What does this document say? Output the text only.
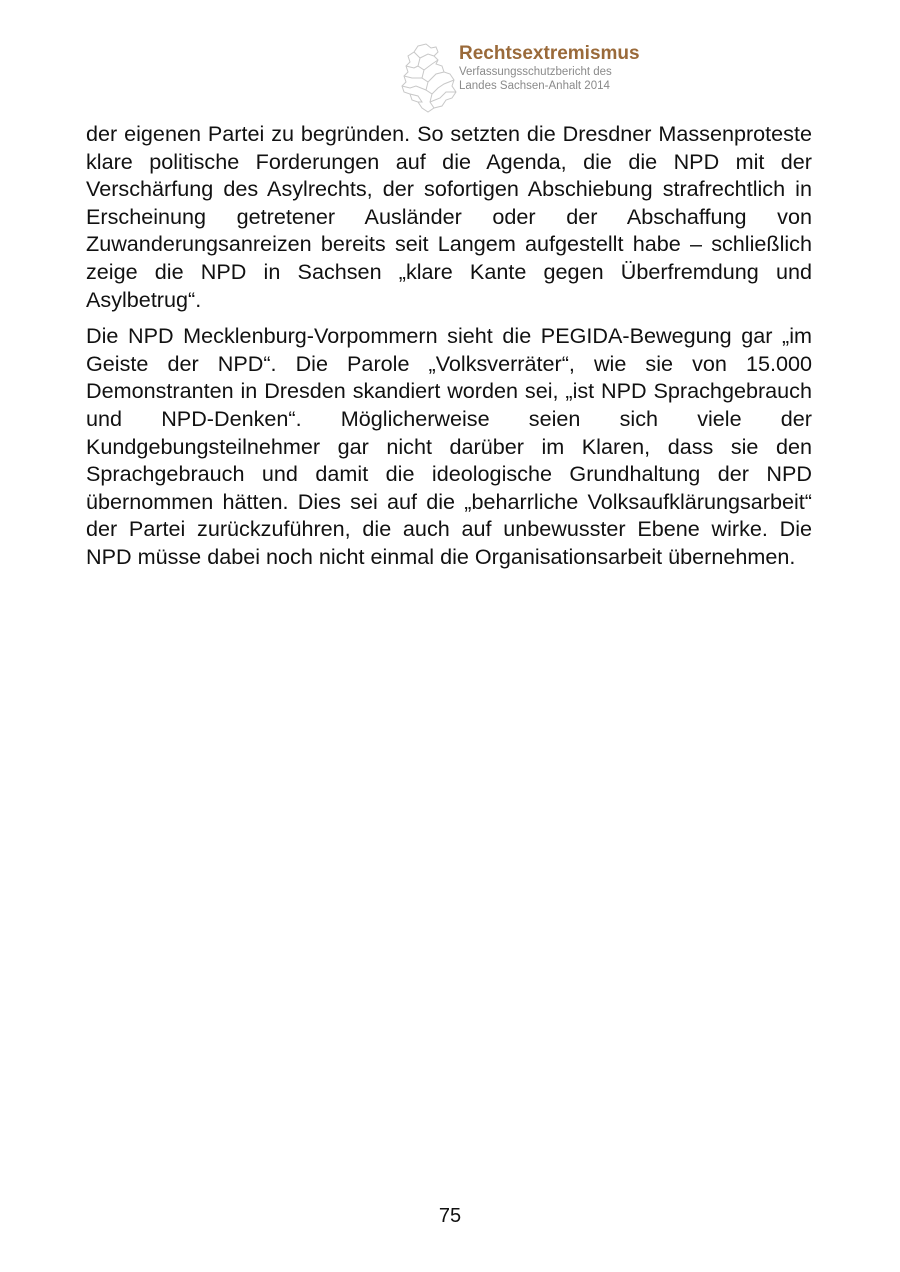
Rechtsextremismus
Verfassungsschutzbericht des
Landes Sachsen-Anhalt 2014

der eigenen Partei zu begründen. So setzten die Dresdner Massenproteste klare politische Forderungen auf die Agenda, die die NPD mit der Verschärfung des Asylrechts, der sofortigen Abschiebung strafrechtlich in Erscheinung getretener Ausländer oder der Abschaffung von Zuwanderungsanreizen bereits seit Langem aufgestellt habe – schließlich zeige die NPD in Sachsen „klare Kante gegen Überfremdung und Asylbetrug“.

Die NPD Mecklenburg-Vorpommern sieht die PEGIDA-Bewegung gar „im Geiste der NPD“. Die Parole „Volksverräter“, wie sie von 15.000 Demonstranten in Dresden skandiert worden sei, „ist NPD Sprachgebrauch und NPD-Denken“. Möglicherweise seien sich viele der Kundgebungsteilnehmer gar nicht darüber im Klaren, dass sie den Sprachgebrauch und damit die ideologische Grundhaltung der NPD übernommen hätten. Dies sei auf die „beharrliche Volksaufklärungsarbeit“ der Partei zurückzuführen, die auch auf unbewusster Ebene wirke. Die NPD müsse dabei noch nicht einmal die Organisationsarbeit übernehmen.

75
